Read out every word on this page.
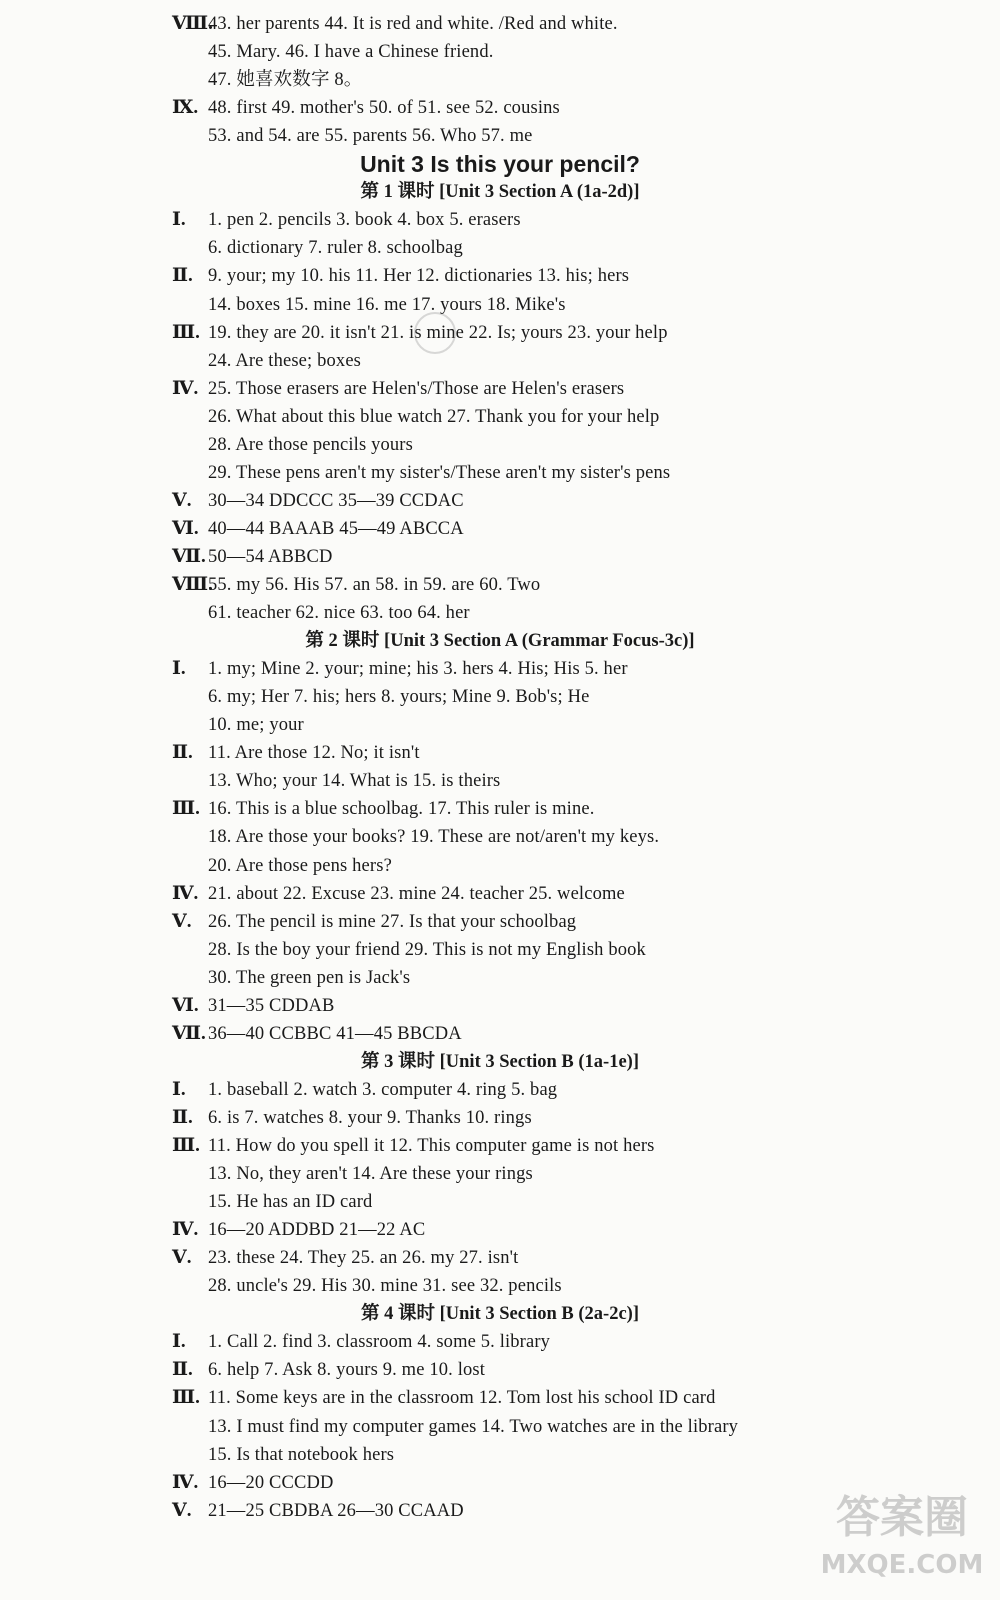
Ⅷ.
43. her parents 44. It is red and white. /Red and white.
45. Mary. 46. I have a Chinese friend.
47. 她喜欢数字 8。
Ⅸ. 48. first 49. mother's 50. of 51. see 52. cousins
53. and 54. are 55. parents 56. Who 57. me
Unit 3 Is this your pencil?
第 1 课时 [Unit 3 Section A (1a-2d)]
Ⅰ. 1. pen 2. pencils 3. book 4. box 5. erasers
6. dictionary 7. ruler 8. schoolbag
Ⅱ. 9. your; my 10. his 11. Her 12. dictionaries 13. his; hers
14. boxes 15. mine 16. me 17. yours 18. Mike's
Ⅲ. 19. they are 20. it isn't 21. is mine 22. Is; yours 23. your help
24. Are these; boxes
Ⅳ. 25. Those erasers are Helen's/Those are Helen's erasers
26. What about this blue watch 27. Thank you for your help
28. Are those pencils yours
29. These pens aren't my sister's/These aren't my sister's pens
Ⅴ. 30—34 DDCCC 35—39 CCDAC
Ⅵ. 40—44 BAAAB 45—49 ABCCA
Ⅶ. 50—54 ABBCD
Ⅷ.
55. my 56. His 57. an 58. in 59. are 60. Two
61. teacher 62. nice 63. too 64. her
第 2 课时 [Unit 3 Section A (Grammar Focus-3c)]
Ⅰ. 1. my; Mine 2. your; mine; his 3. hers 4. His; His 5. her
6. my; Her 7. his; hers 8. yours; Mine 9. Bob's; He
10. me; your
Ⅱ. 11. Are those 12. No; it isn't
13. Who; your 14. What is 15. is theirs
Ⅲ. 16. This is a blue schoolbag. 17. This ruler is mine.
18. Are those your books? 19. These are not/aren't my keys.
20. Are those pens hers?
Ⅳ. 21. about 22. Excuse 23. mine 24. teacher 25. welcome
Ⅴ. 26. The pencil is mine 27. Is that your schoolbag
28. Is the boy your friend 29. This is not my English book
30. The green pen is Jack's
Ⅵ. 31—35 CDDAB
Ⅶ. 36—40 CCBBC 41—45 BBCDA
第 3 课时 [Unit 3 Section B (1a-1e)]
Ⅰ. 1. baseball 2. watch 3. computer 4. ring 5. bag
Ⅱ. 6. is 7. watches 8. your 9. Thanks 10. rings
Ⅲ. 11. How do you spell it 12. This computer game is not hers
13. No, they aren't 14. Are these your rings
15. He has an ID card
Ⅳ. 16—20 ADDBD 21—22 AC
Ⅴ. 23. these 24. They 25. an 26. my 27. isn't
28. uncle's 29. His 30. mine 31. see 32. pencils
第 4 课时 [Unit 3 Section B (2a-2c)]
Ⅰ. 1. Call 2. find 3. classroom 4. some 5. library
Ⅱ. 6. help 7. Ask 8. yours 9. me 10. lost
Ⅲ. 11. Some keys are in the classroom 12. Tom lost his school ID card
13. I must find my computer games 14. Two watches are in the library
15. Is that notebook hers
Ⅳ. 16—20 CCCDD
Ⅴ. 21—25 CBDBA 26—30 CCAAD	答案圈
MXQE.COM
